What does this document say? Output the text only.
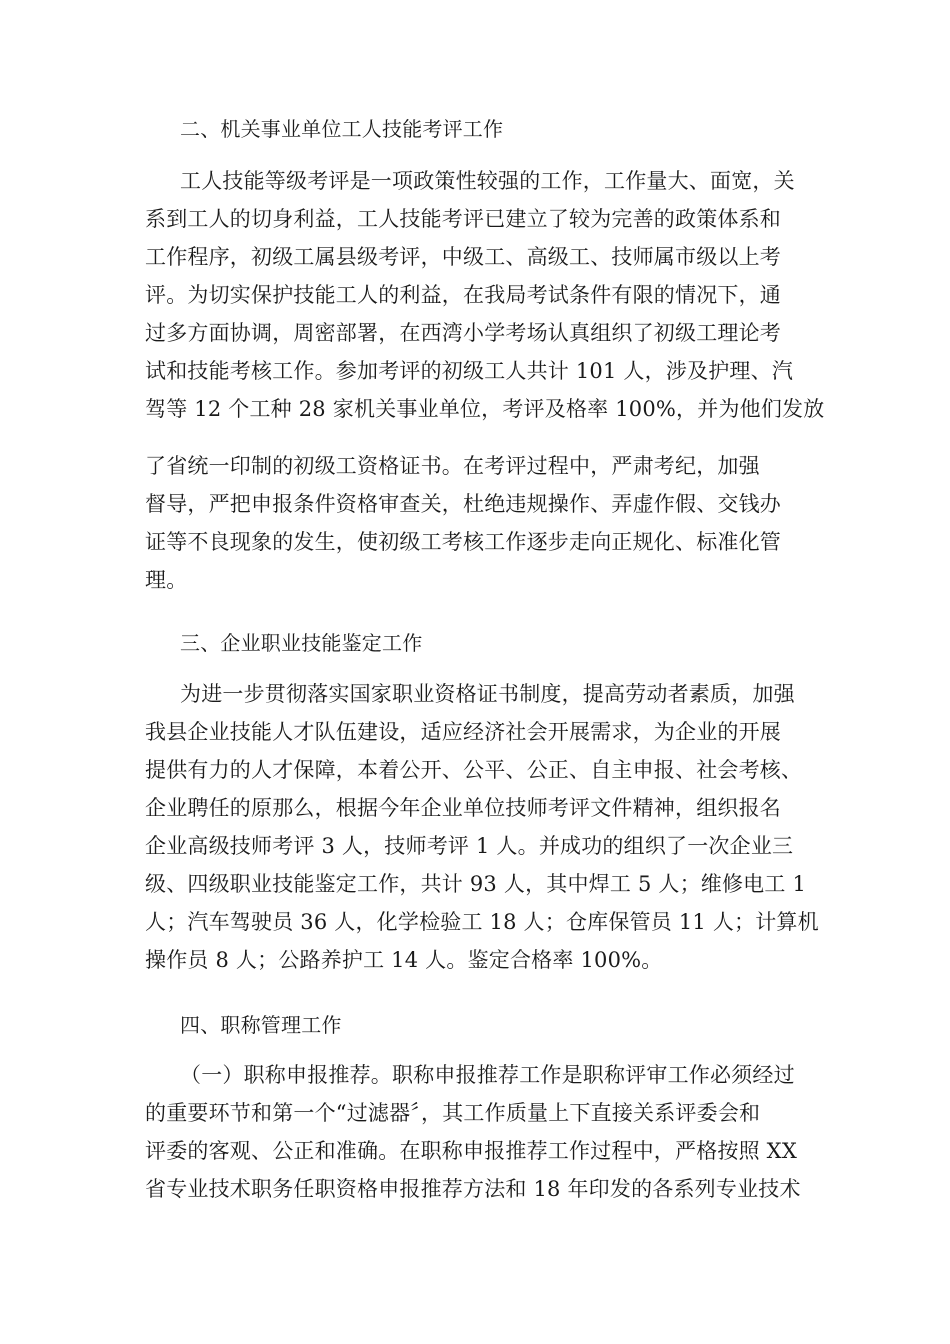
二、机关事业单位工人技能考评工作
工人技能等级考评是一项政策性较强的工作，工作量大、面宽，关
系到工人的切身利益，工人技能考评已建立了较为完善的政策体系和
工作程序，初级工属县级考评，中级工、高级工、技师属市级以上考
评。为切实保护技能工人的利益，在我局考试条件有限的情况下，通
过多方面协调，周密部署，在西湾小学考场认真组织了初级工理论考
试和技能考核工作。参加考评的初级工人共计 101 人，涉及护理、汽
驾等 12 个工种 28 家机关事业单位，考评及格率 100%，并为他们发放
了省统一印制的初级工资格证书。在考评过程中，严肃考纪，加强
督导，严把申报条件资格审查关，杜绝违规操作、弄虚作假、交钱办
证等不良现象的发生，使初级工考核工作逐步走向正规化、标准化管
理。
三、企业职业技能鉴定工作
为进一步贯彻落实国家职业资格证书制度，提高劳动者素质，加强
我县企业技能人才队伍建设，适应经济社会开展需求，为企业的开展
提供有力的人才保障，本着公开、公平、公正、自主申报、社会考核、
企业聘任的原那么，根据今年企业单位技师考评文件精神，组织报名
企业高级技师考评 3 人，技师考评 1 人。并成功的组织了一次企业三
级、四级职业技能鉴定工作，共计 93 人，其中焊工 5 人；维修电工 1
人；汽车驾驶员 36 人，化学检验工 18 人；仓库保管员 11 人；计算机
操作员 8 人；公路养护工 14 人。鉴定合格率 100%。
四、职称管理工作
（一）职称申报推荐。职称申报推荐工作是职称评审工作必须经过
的重要环节和第一个“过滤器〞，其工作质量上下直接关系评委会和
评委的客观、公正和准确。在职称申报推荐工作过程中，严格按照 XX
省专业技术职务任职资格申报推荐方法和 18 年印发的各系列专业技术
